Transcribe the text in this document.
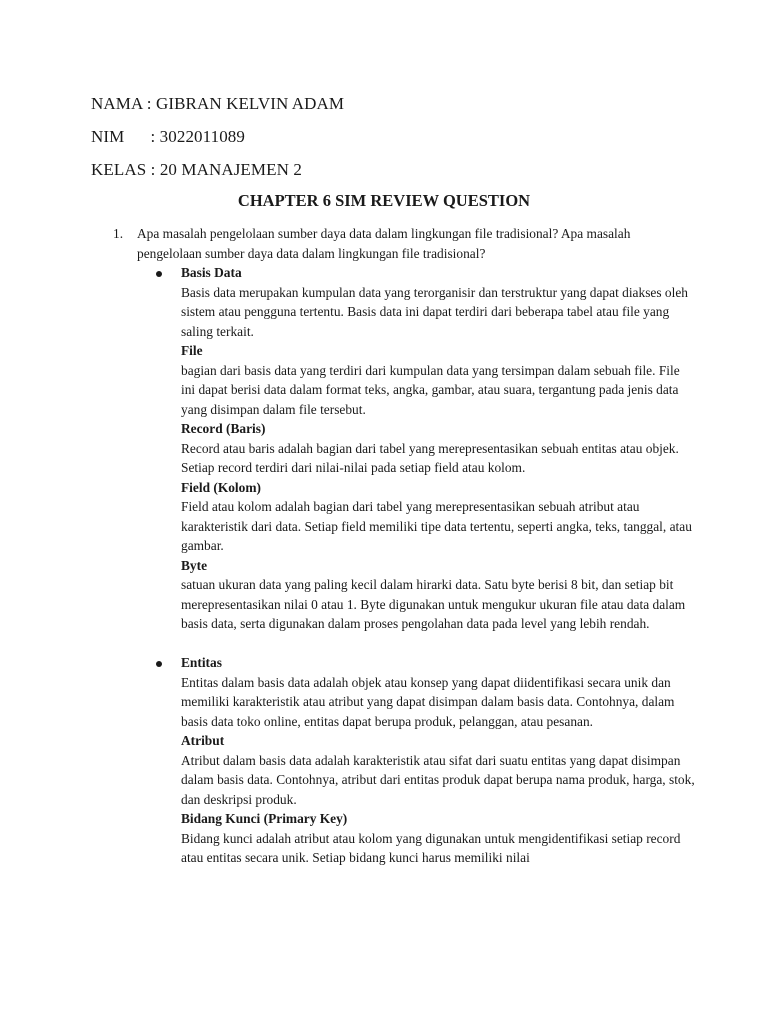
NAMA : GIBRAN KELVIN ADAM
NIM      : 3022011089
KELAS : 20 MANAJEMEN 2
CHAPTER 6 SIM REVIEW QUESTION
1. Apa masalah pengelolaan sumber daya data dalam lingkungan file tradisional? Apa masalah pengelolaan sumber daya data dalam lingkungan file tradisional?
Basis Data
Basis data merupakan kumpulan data yang terorganisir dan terstruktur yang dapat diakses oleh sistem atau pengguna tertentu. Basis data ini dapat terdiri dari beberapa tabel atau file yang saling terkait.
File
bagian dari basis data yang terdiri dari kumpulan data yang tersimpan dalam sebuah file. File ini dapat berisi data dalam format teks, angka, gambar, atau suara, tergantung pada jenis data yang disimpan dalam file tersebut.
Record (Baris)
Record atau baris adalah bagian dari tabel yang merepresentasikan sebuah entitas atau objek. Setiap record terdiri dari nilai-nilai pada setiap field atau kolom.
Field (Kolom)
Field atau kolom adalah bagian dari tabel yang merepresentasikan sebuah atribut atau karakteristik dari data. Setiap field memiliki tipe data tertentu, seperti angka, teks, tanggal, atau gambar.
Byte
satuan ukuran data yang paling kecil dalam hirarki data. Satu byte berisi 8 bit, dan setiap bit merepresentasikan nilai 0 atau 1. Byte digunakan untuk mengukur ukuran file atau data dalam basis data, serta digunakan dalam proses pengolahan data pada level yang lebih rendah.
Entitas
Entitas dalam basis data adalah objek atau konsep yang dapat diidentifikasi secara unik dan memiliki karakteristik atau atribut yang dapat disimpan dalam basis data. Contohnya, dalam basis data toko online, entitas dapat berupa produk, pelanggan, atau pesanan.
Atribut
Atribut dalam basis data adalah karakteristik atau sifat dari suatu entitas yang dapat disimpan dalam basis data. Contohnya, atribut dari entitas produk dapat berupa nama produk, harga, stok, dan deskripsi produk.
Bidang Kunci (Primary Key)
Bidang kunci adalah atribut atau kolom yang digunakan untuk mengidentifikasi setiap record atau entitas secara unik. Setiap bidang kunci harus memiliki nilai
